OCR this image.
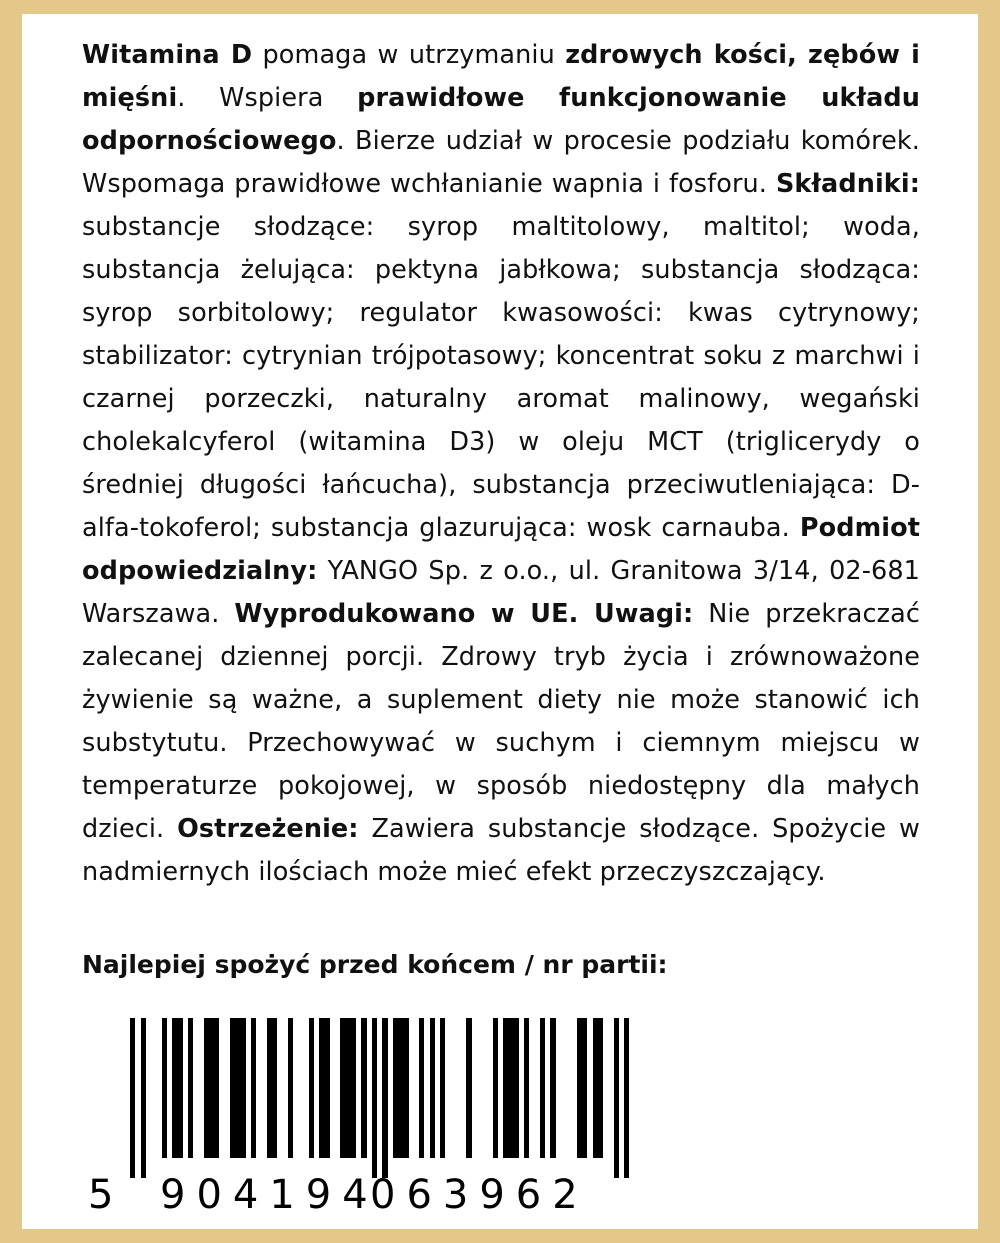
Witamina D pomaga w utrzymaniu zdrowych kości, zębów i mięśni. Wspiera prawidłowe funkcjonowanie układu odpornościowego. Bierze udział w procesie podziału komórek. Wspomaga prawidłowe wchłanianie wapnia i fosforu. Składniki: substancje słodzące: syrop maltitolowy, maltitol; woda, substancja żelująca: pektyna jabłkowa; substancja słodząca: syrop sorbitolowy; regulator kwasowości: kwas cytrynowy; stabilizator: cytrynian trójpotasowy; koncentrat soku z marchwi i czarnej porzeczki, naturalny aromat malinowy, wegański cholekalcyferol (witamina D3) w oleju MCT (triglicerydy o średniej długości łańcucha), substancja przeciwutleniająca: D-alfa-tokoferol; substancja glazurująca: wosk carnauba. Podmiot odpowiedzialny: YANGO Sp. z o.o., ul. Granitowa 3/14, 02-681 Warszawa. Wyprodukowano w UE. Uwagi: Nie przekraczać zalecanej dziennej porcji. Zdrowy tryb życia i zrównoważone żywienie są ważne, a suplement diety nie może stanowić ich substytutu. Przechowywać w suchym i ciemnym miejscu w temperaturze pokojowej, w sposób niedostępny dla małych dzieci. Ostrzeżenie: Zawiera substancje słodzące. Spożycie w nadmiernych ilościach może mieć efekt przeczyszczający.
Najlepiej spożyć przed końcem / nr partii:
5 904194
063962
